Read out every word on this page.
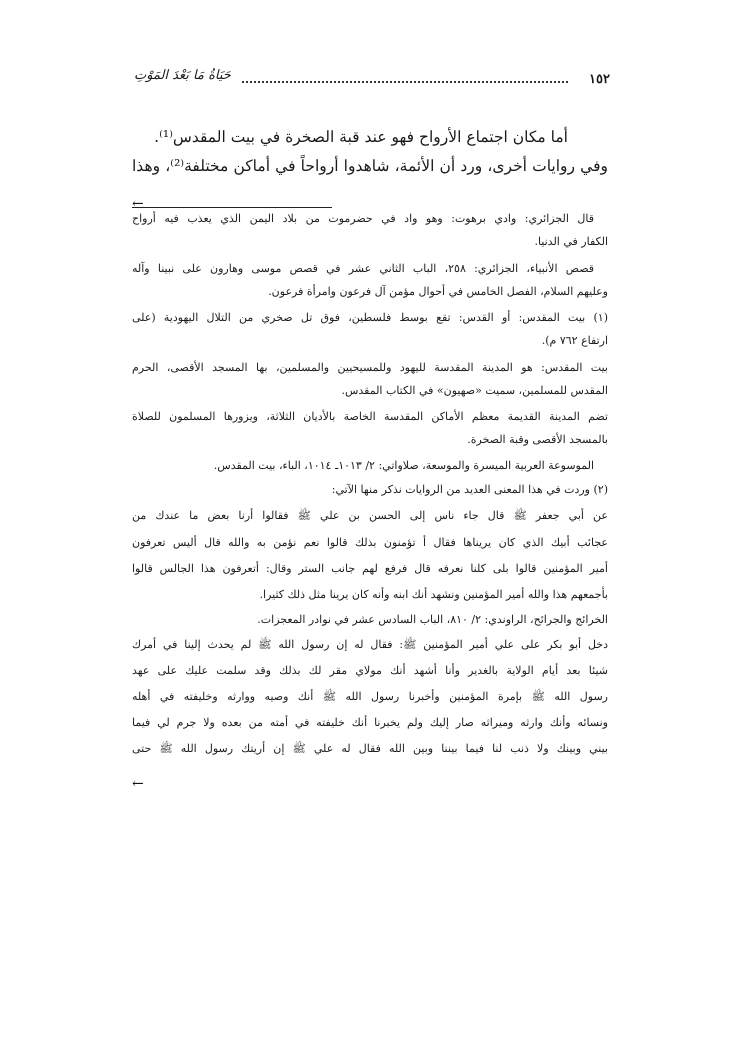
١٥٢
حَيَاةُ مَا بَعْدَ المَوْتِ
أما مكان اجتماع الأرواح فهو عند قبة الصخرة في بيت المقدس⁽¹⁾.
وفي روايات أخرى، ورد أن الأئمة، شاهدوا أرواحاً في أماكن مختلفة⁽²⁾، وهذا
←
قال الجزائري: وادي برهوت: وهو واد في حضرموت من بلاد اليمن الذي يعذب فيه أرواح
الكفار في الدنيا.
قصص الأنبياء، الجزائري: ٢٥٨، الباب الثاني عشر في قصص موسى وهارون على نبينا وآله
وعليهم السلام، الفصل الخامس في أحوال مؤمن آل فرعون وامرأة فرعون.
(١) بيت المقدس: أو القدس: تقع بوسط فلسطين، فوق تل صخري من التلال اليهودية (على
ارتفاع ٧٦٢ م).
بيت المقدس: هو المدينة المقدسة لليهود وللمسيحيين والمسلمين، بها المسجد الأقصى، الحرم
المقدس للمسلمين، سميت «صهيون» في الكتاب المقدس.
تضم المدينة القديمة معظم الأماكن المقدسة الخاصة بالأديان الثلاثة، ويزورها المسلمون للصلاة
بالمسجد الأقصى وقبة الصخرة.
الموسوعة العربية الميسرة والموسعة، صلاواتي: ٢/ ١٠١٣ـ ١٠١٤، الباء، بيت المقدس.
(٢) وردت في هذا المعنى العديد من الروايات نذكر منها الآتي:
عن أبي جعفر ﷺ قال جاء ناس إلى الحسن بن علي ﷺ فقالوا أرنا بعض ما عندك من
عجائب أبيك الذي كان يريناها فقال أ تؤمنون بذلك قالوا نعم نؤمن به والله قال أليس تعرفون
أمير المؤمنين قالوا بلى كلنا نعرفه قال فرفع لهم جانب الستر وقال: أتعرفون هذا الجالس قالوا
بأجمعهم هذا والله أمير المؤمنين ونشهد أنك ابنه وأنه كان يرينا مثل ذلك كثيرا.
الخرائج والجرائح، الراوندي: ٢/ ٨١٠، الباب السادس عشر في نوادر المعجزات.
دخل أبو بكر على علي أمير المؤمنين ﷺ: فقال له إن رسول الله ﷺ لم يحدث إلينا في أمرك
شيئا بعد أيام الولاية بالغدير وأنا أشهد أنك مولاي مقر لك بذلك وقد سلمت عليك على عهد
رسول الله ﷺ بإمرة المؤمنين وأخبرنا رسول الله ﷺ أنك وصيه ووارثه وخليفته في أهله
ونسائه وأنك وارثه وميراثه صار إليك ولم يخبرنا أنك خليفته في أمته من بعده ولا جرم لي فيما
بيني وبينك ولا ذنب لنا فيما بيننا وبين الله فقال له علي ﷺ إن أريتك رسول الله ﷺ حتى
←
